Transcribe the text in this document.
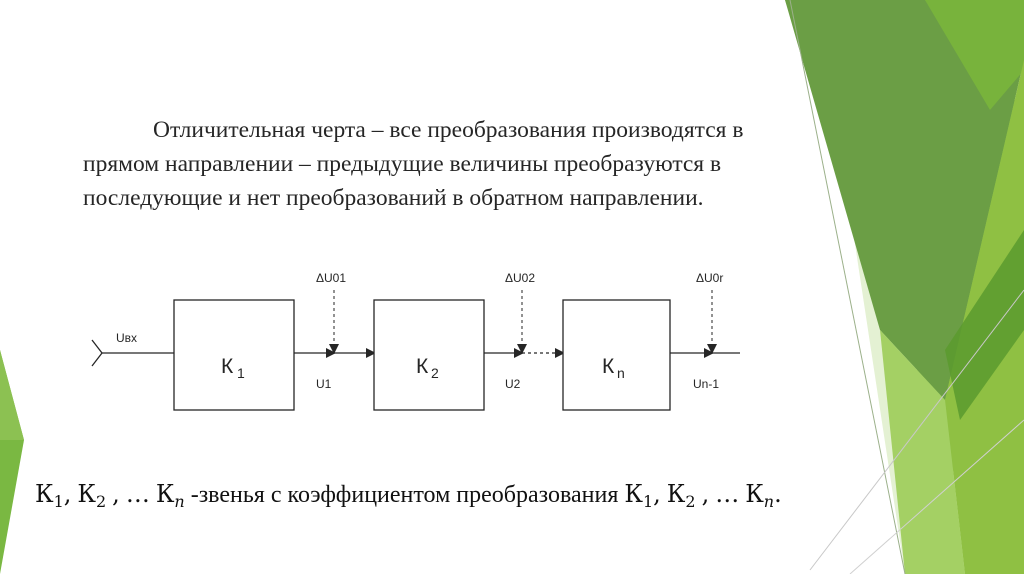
Отличительная черта – все преобразования производятся в прямом направлении – предыдущие величины преобразуются в последующие и нет преобразований в обратном направлении.
Uвх
К 1
ΔU01
U1
К 2
ΔU02
U2
К n
ΔU0r
Un-1
$К_1$, $К_2$ , … $К_n$ -звенья с коэффициентом преобразования $К_1$, $К_2$ , … $К_n$.
